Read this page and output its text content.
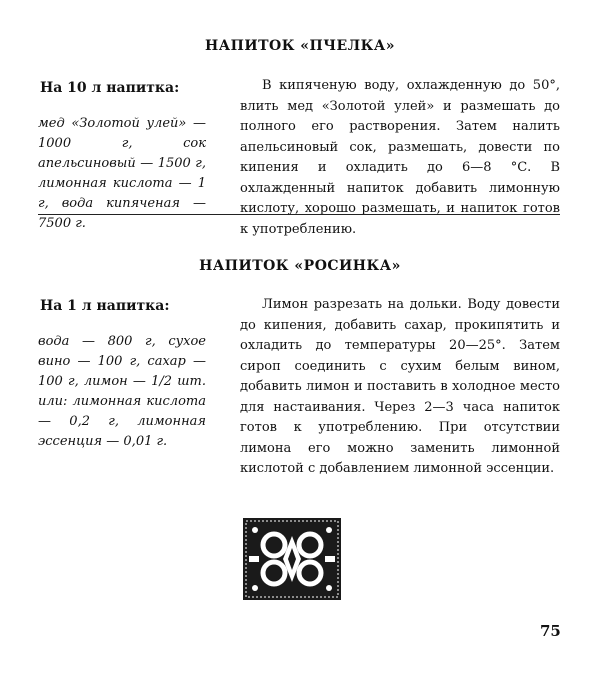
НАПИТОК «ПЧЕЛКА»

На 10 л напитка:

мед «Золотой улей» — 1000 г, сок апельсиновый — 1500 г, лимонная кислота — 1 г, вода кипяченая — 7500 г.

В кипяченую воду, охлажденную до 50°, влить мед «Золотой улей» и размешать до полного его растворения. Затем налить апельсиновый сок, размешать, довести по кипения и охладить до 6—8 °С. В охлажденный напиток добавить лимонную кислоту, хорошо размешать, и напиток готов к употреблению.

НАПИТОК «РОСИНКА»

На 1 л напитка:

вода — 800 г, сухое вино — 100 г, сахар — 100 г, лимон — 1/2 шт. или: лимонная кислота — 0,2 г, лимонная эссенция — 0,01 г.

Лимон разрезать на дольки. Воду довести до кипения, добавить сахар, прокипятить и охладить до температуры 20—25°. Затем сироп соединить с сухим белым вином, добавить лимон и поставить в холодное место для настаивания. Через 2—3 часа напиток готов к употреблению. При отсутствии лимона его можно заменить лимонной кислотой с добавлением лимонной эссенции.

75
